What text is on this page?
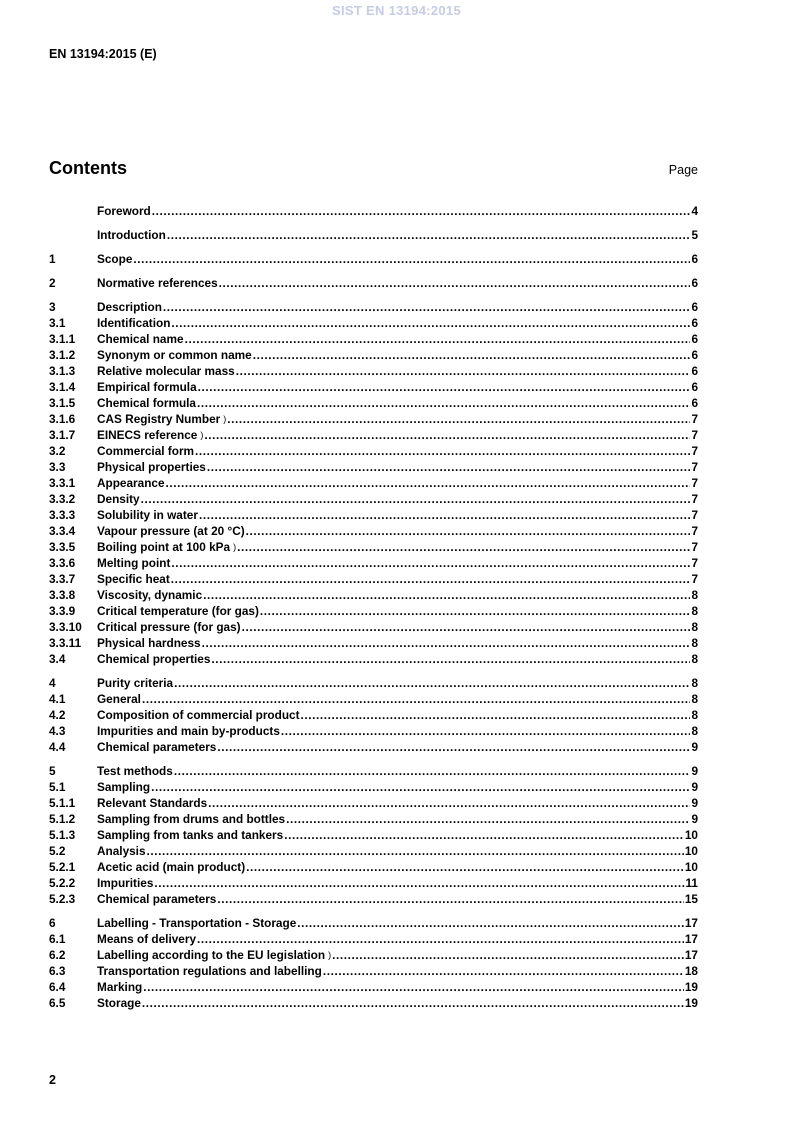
SIST EN 13194:2015
EN 13194:2015 (E)
Contents	Page
Foreword .....	4
Introduction .....	5
1	Scope .....	6
2	Normative references .....	6
3	Description .....	6
3.1	Identification .....	6
3.1.1	Chemical name .....	6
3.1.2	Synonym or common name .....	6
3.1.3	Relative molecular mass .....	6
3.1.4	Empirical formula .....	6
3.1.5	Chemical formula .....	6
3.1.6	CAS Registry Number ) .....	7
3.1.7	EINECS reference ) .....	7
3.2	Commercial form .....	7
3.3	Physical properties .....	7
3.3.1	Appearance .....	7
3.3.2	Density .....	7
3.3.3	Solubility in water .....	7
3.3.4	Vapour pressure (at 20 °C) .....	7
3.3.5	Boiling point at 100 kPa ) .....	7
3.3.6	Melting point .....	7
3.3.7	Specific heat .....	7
3.3.8	Viscosity, dynamic .....	8
3.3.9	Critical temperature (for gas) .....	8
3.3.10	Critical pressure (for gas) .....	8
3.3.11	Physical hardness .....	8
3.4	Chemical properties .....	8
4	Purity criteria .....	8
4.1	General .....	8
4.2	Composition of commercial product .....	8
4.3	Impurities and main by-products .....	8
4.4	Chemical parameters .....	9
5	Test methods .....	9
5.1	Sampling .....	9
5.1.1	Relevant Standards .....	9
5.1.2	Sampling from drums and bottles .....	9
5.1.3	Sampling from tanks and tankers .....	10
5.2	Analysis .....	10
5.2.1	Acetic acid (main product) .....	10
5.2.2	Impurities .....	11
5.2.3	Chemical parameters .....	15
6	Labelling - Transportation - Storage .....	17
6.1	Means of delivery .....	17
6.2	Labelling according to the EU legislation ) .....	17
6.3	Transportation regulations and labelling .....	18
6.4	Marking .....	19
6.5	Storage .....	19
2
